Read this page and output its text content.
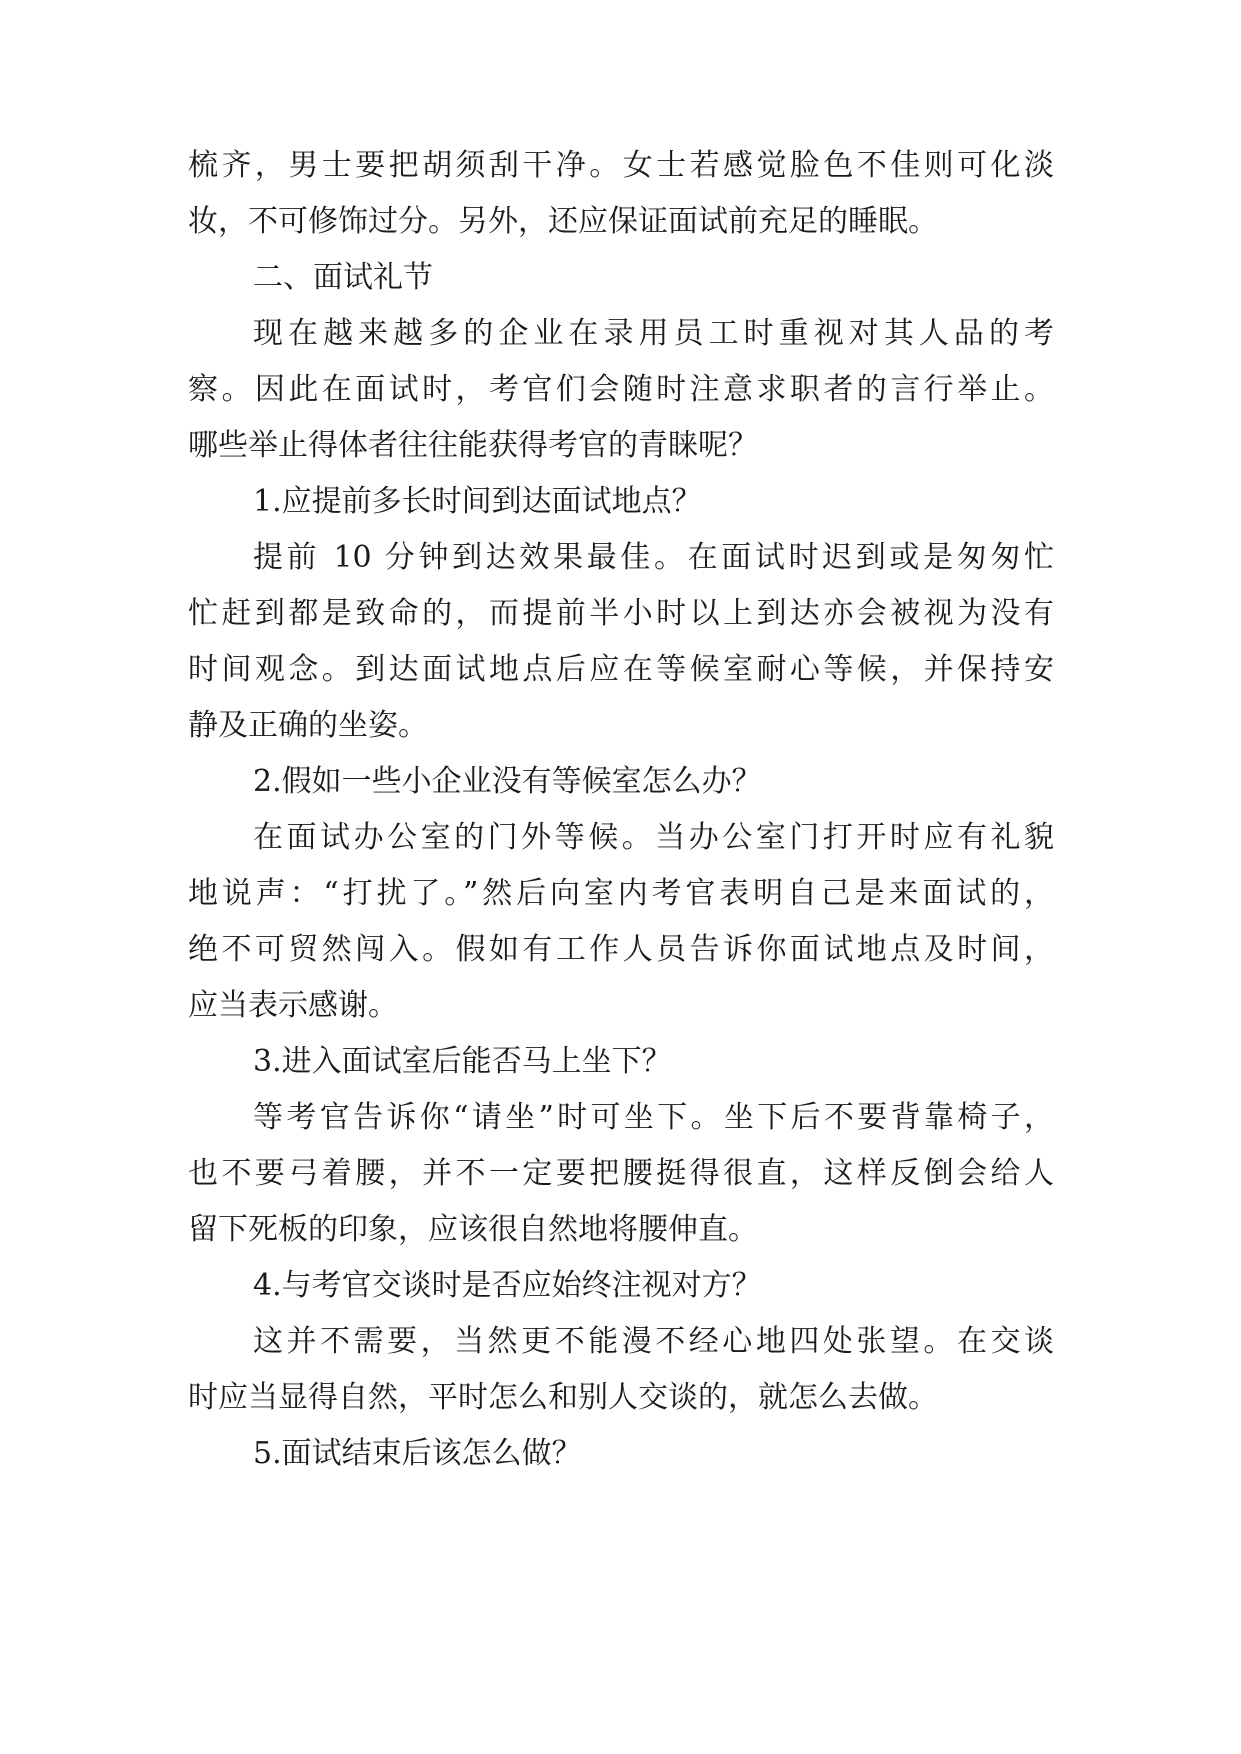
梳齐，男士要把胡须刮干净。女士若感觉脸色不佳则可化淡
妆，不可修饰过分。另外，还应保证面试前充足的睡眠。
二、面试礼节
现在越来越多的企业在录用员工时重视对其人品的考
察。因此在面试时，考官们会随时注意求职者的言行举止。
哪些举止得体者往往能获得考官的青睐呢？
1.应提前多长时间到达面试地点？
提前 10 分钟到达效果最佳。在面试时迟到或是匆匆忙
忙赶到都是致命的，而提前半小时以上到达亦会被视为没有
时间观念。到达面试地点后应在等候室耐心等候，并保持安
静及正确的坐姿。
2.假如一些小企业没有等候室怎么办？
在面试办公室的门外等候。当办公室门打开时应有礼貌
地说声：“打扰了。”然后向室内考官表明自己是来面试的，
绝不可贸然闯入。假如有工作人员告诉你面试地点及时间，
应当表示感谢。
3.进入面试室后能否马上坐下？
等考官告诉你“请坐”时可坐下。坐下后不要背靠椅子，
也不要弓着腰，并不一定要把腰挺得很直，这样反倒会给人
留下死板的印象，应该很自然地将腰伸直。
4.与考官交谈时是否应始终注视对方？
这并不需要，当然更不能漫不经心地四处张望。在交谈
时应当显得自然，平时怎么和别人交谈的，就怎么去做。
5.面试结束后该怎么做？
